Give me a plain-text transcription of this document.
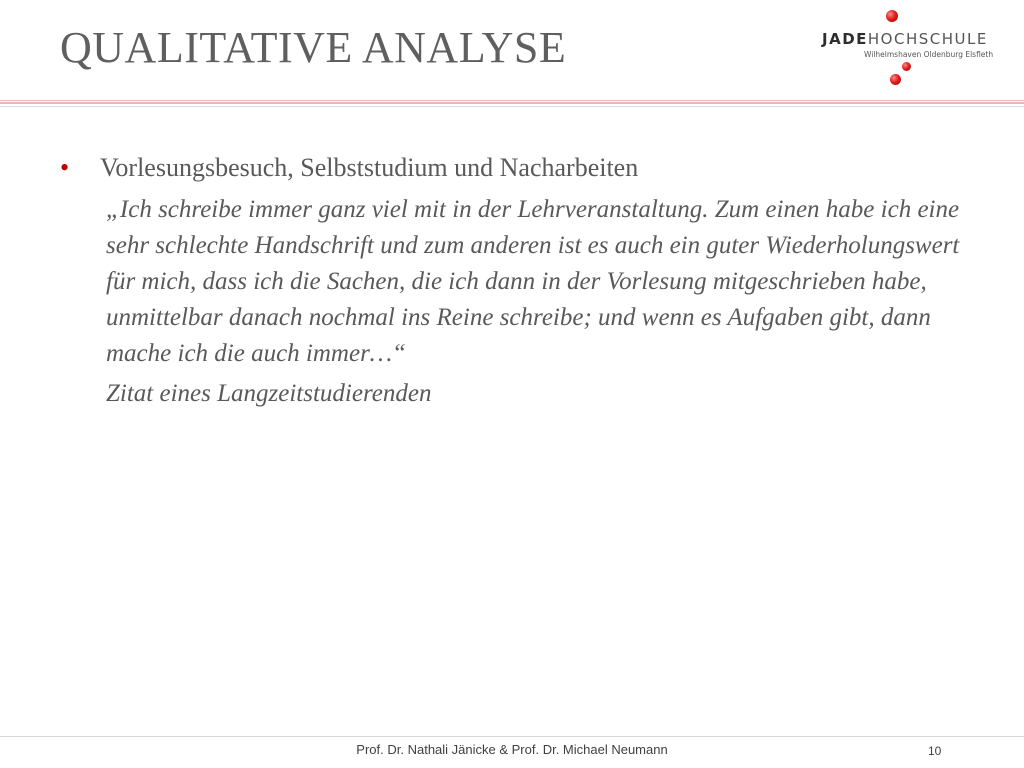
QUALITATIVE ANALYSE	JADEHOCHSCHULE
Wilhelmshaven Oldenburg Elsfleth
• Vorlesungsbesuch, Selbststudium und Nacharbeiten
„Ich schreibe immer ganz viel mit in der Lehrveranstaltung. Zum einen habe ich eine sehr schlechte Handschrift und zum anderen ist es auch ein guter Wiederholungswert für mich, dass ich die Sachen, die ich dann in der Vorlesung mitgeschrieben habe, unmittelbar danach nochmal ins Reine schreibe; und wenn es Aufgaben gibt, dann mache ich die auch immer…“
Zitat eines Langzeitstudierenden
Prof. Dr. Nathali Jänicke & Prof. Dr. Michael Neumann	10
